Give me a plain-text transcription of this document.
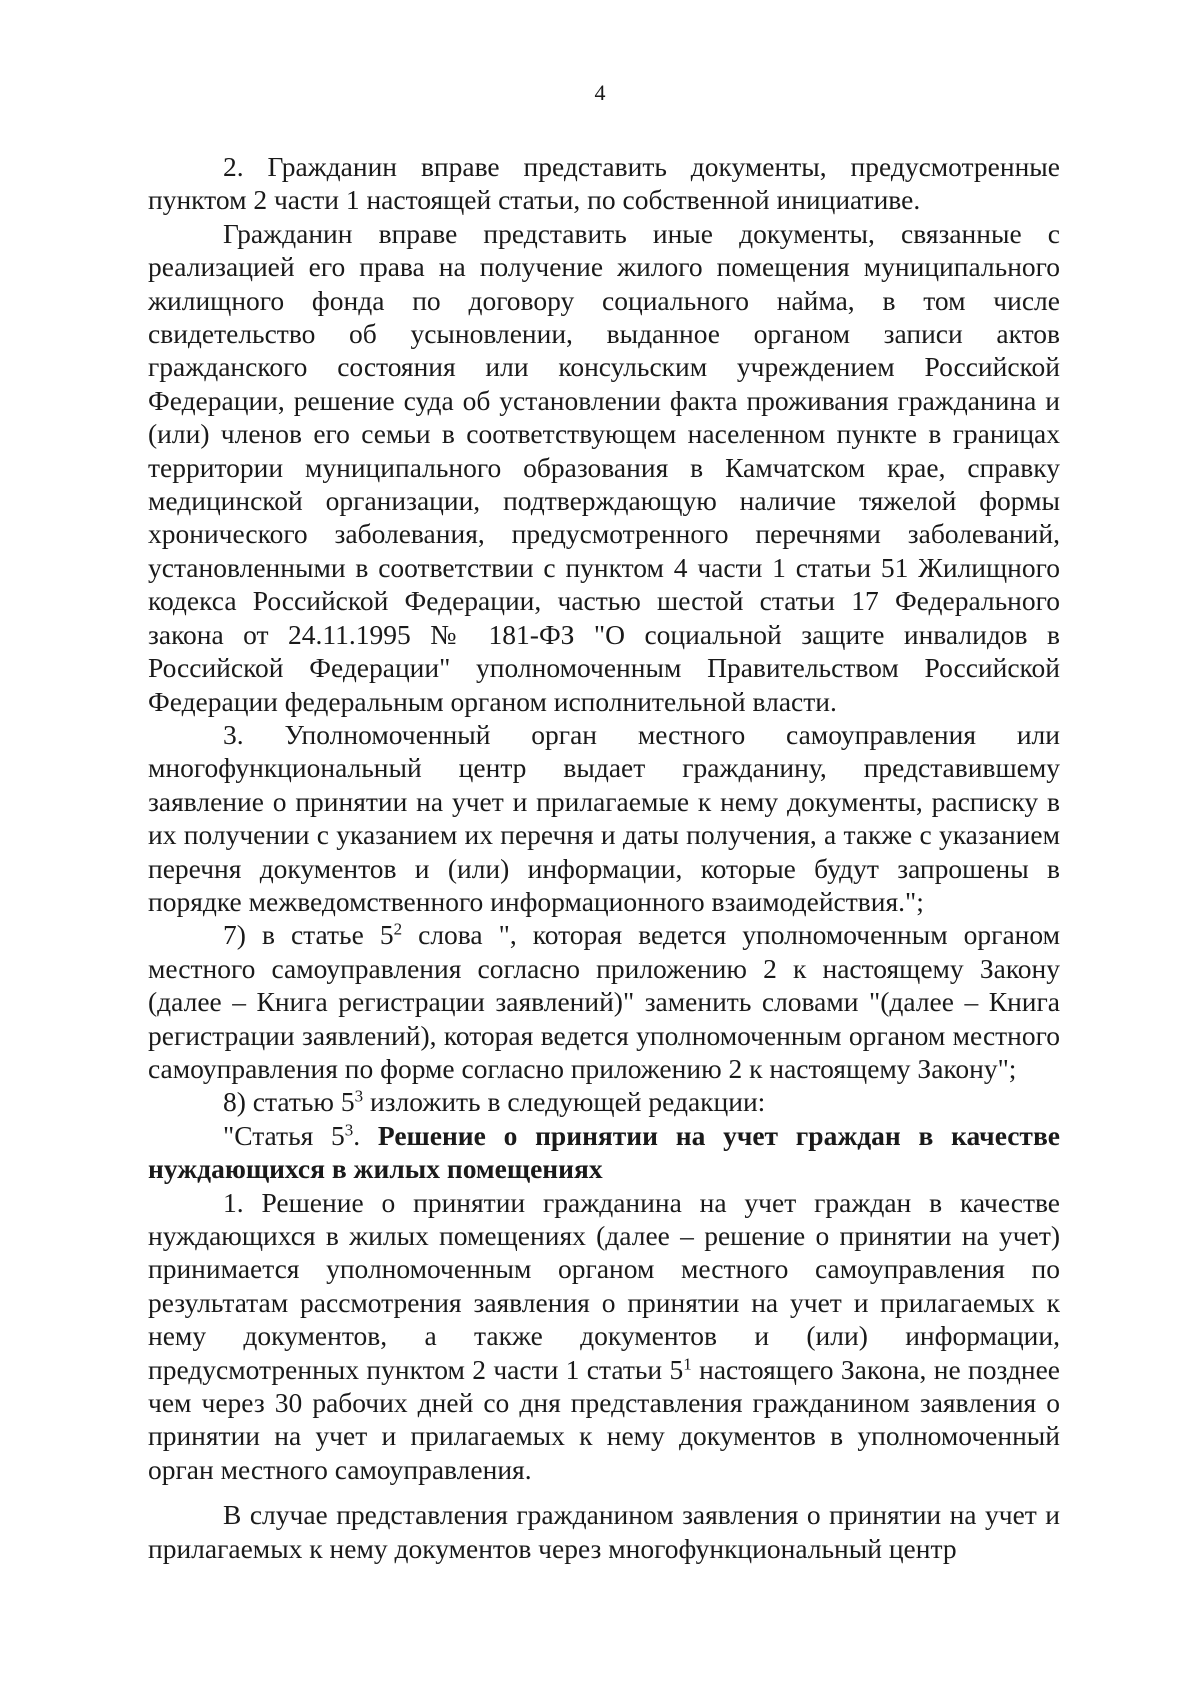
4

2. Гражданин вправе представить документы, предусмотренные пунктом 2 части 1 настоящей статьи, по собственной инициативе.

Гражданин вправе представить иные документы, связанные с реализацией его права на получение жилого помещения муниципального жилищного фонда по договору социального найма, в том числе свидетельство об усыновлении, выданное органом записи актов гражданского состояния или консульским учреждением Российской Федерации, решение суда об установлении факта проживания гражданина и (или) членов его семьи в соответствующем населенном пункте в границах территории муниципального образования в Камчатском крае, справку медицинской организации, подтверждающую наличие тяжелой формы хронического заболевания, предусмотренного перечнями заболеваний, установленными в соответствии с пунктом 4 части 1 статьи 51 Жилищного кодекса Российской Федерации, частью шестой статьи 17 Федерального закона от 24.11.1995 № 181-ФЗ "О социальной защите инвалидов в Российской Федерации" уполномоченным Правительством Российской Федерации федеральным органом исполнительной власти.

3. Уполномоченный орган местного самоуправления или многофункциональный центр выдает гражданину, представившему заявление о принятии на учет и прилагаемые к нему документы, расписку в их получении с указанием их перечня и даты получения, а также с указанием перечня документов и (или) информации, которые будут запрошены в порядке межведомственного информационного взаимодействия.";

7) в статье $5^2$ слова ", которая ведется уполномоченным органом местного самоуправления согласно приложению 2 к настоящему Закону (далее – Книга регистрации заявлений)" заменить словами "(далее – Книга регистрации заявлений), которая ведется уполномоченным органом местного самоуправления по форме согласно приложению 2 к настоящему Закону";

8) статью $5^3$ изложить в следующей редакции:

"Статья $5^3$. Решение о принятии на учет граждан в качестве нуждающихся в жилых помещениях

1. Решение о принятии гражданина на учет граждан в качестве нуждающихся в жилых помещениях (далее – решение о принятии на учет) принимается уполномоченным органом местного самоуправления по результатам рассмотрения заявления о принятии на учет и прилагаемых к нему документов, а также документов и (или) информации, предусмотренных пунктом 2 части 1 статьи $5^1$ настоящего Закона, не позднее чем через 30 рабочих дней со дня представления гражданином заявления о принятии на учет и прилагаемых к нему документов в уполномоченный орган местного самоуправления.

В случае представления гражданином заявления о принятии на учет и прилагаемых к нему документов через многофункциональный центр
